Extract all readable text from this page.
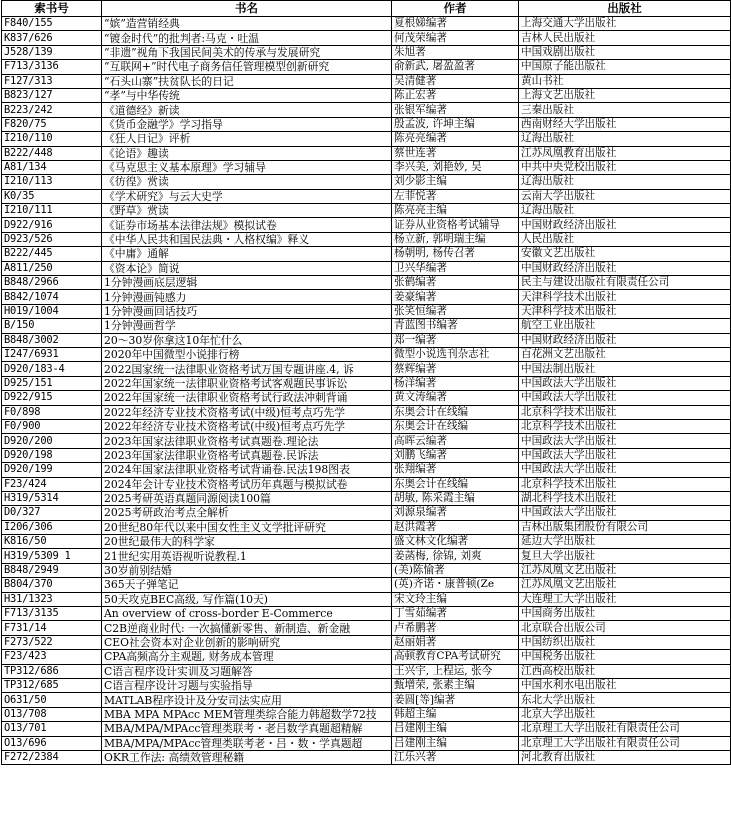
索书号	书名	作者	出版社
F840/155	“嫔”造营销经典	夏根娣编著	上海交通大学出版社
K837/626	“镀金时代”的批判者:马克・吐温	何茂荣编著	吉林人民出版社
J528/139	“非遗”视角下我国民间美术的传承与发展研究	朱旭著	中国戏剧出版社
F713/3136	“互联网+”时代电子商务信任管理模型创新研究	俞新武, 屠盈盈著	中国原子能出版社
F127/313	“石头山寨”扶贫队长的日记	吴清健著	黄山书社
B823/127	“孝”与中华传统	陈正宏著	上海文艺出版社
B223/242	《道德经》新读	张银军编著	三秦出版社
F820/75	《货币金融学》学习指导	殷孟波, 许坤主编	西南财经大学出版社
I210/110	《狂人日记》评析	陈亮亮编著	辽海出版社
B222/448	《论语》趣读	蔡世连著	江苏凤凰教育出版社
A81/134	《马克思主义基本原理》学习辅导	李兴美, 刘艳妙, 吴	中共中央党校出版社
I210/113	《彷徨》赏读	刘少影主编	辽海出版社
K0/35	《学术研究》与云大史学	左菲悦著	云南大学出版社
I210/111	《野草》赏读	陈亮亮主编	辽海出版社
D922/916	《证券市场基本法律法规》模拟试卷	证券从业资格考试辅导	中国财政经济出版社
D923/526	《中华人民共和国民法典・人格权编》释义	杨立新, 郭明瑞主编	人民出版社
B222/445	《中庸》通解	杨朝明, 杨传召著	安徽文艺出版社
A811/250	《资本论》简说	卫兴华编著	中国财政经济出版社
B848/2966	1分钟漫画底层逻辑	张鹤编著	民主与建设出版社有限责任公司
B842/1074	1分钟漫画钝感力	姜豪编著	天津科学技术出版社
H019/1004	1分钟漫画回话技巧	张笑恒编著	天津科学技术出版社
B/150	1分钟漫画哲学	青蓝图书编著	航空工业出版社
B848/3002	20～30岁你拿这10年忙什么	郑一编著	中国财政经济出版社
I247/6931	2020年中国微型小说排行榜	微型小说选刊杂志社	百花洲文艺出版社
D920/183-4	2022国家统一法律职业资格考试万国专题讲座.4, 诉	蔡辉编著	中国法制出版社
D925/151	2022年国家统一法律职业资格考试客观题民事诉讼	杨洋编著	中国政法大学出版社
D922/915	2022年国家统一法律职业资格考试行政法冲刺背诵	黄文涛编著	中国政法大学出版社
F0/898	2022年经济专业技术资格考试(中级)恒考点巧先学	东奥会计在线编	北京科学技术出版社
F0/900	2022年经济专业技术资格考试(中级)恒考点巧先学	东奥会计在线编	北京科学技术出版社
D920/200	2023年国家法律职业资格考试真题卷.理论法	高晖云编著	中国政法大学出版社
D920/198	2023年国家法律职业资格考试真题卷.民诉法	刘鹏飞编著	中国政法大学出版社
D920/199	2024年国家法律职业资格考试背诵卷.民法198图表	张翔编著	中国政法大学出版社
F23/424	2024年会计专业技术资格考试历年真题与模拟试卷	东奥会计在线编	北京科学技术出版社
H319/5314	2025考研英语真题同源阅读100篇	胡敏, 陈采霞主编	湖北科学技术出版社
D0/327	2025考研政治考点全解析	刘源泉编著	中国政法大学出版社
I206/306	20世纪80年代以来中国女性主义文学批评研究	赵洪霞著	吉林出版集团股份有限公司
K816/50	20世纪最伟大的科学家	盛文林文化编著	延边大学出版社
H319/5309 1	21世纪实用英语视听说教程.1	姜菡梅, 徐锦, 刘爽	复旦大学出版社
B848/2949	30岁前别结婚	(美)陈愉著	江苏凤凰文艺出版社
B804/370	365天子弹笔记	(英)齐诺・康普顿(Ze	江苏凤凰文艺出版社
H31/1323	50天攻克BEC高级, 写作篇(10天)	宋文玲主编	大连理工大学出版社
F713/3135	An overview of cross-border E-Commerce	丁雪茹编著	中国商务出版社
F731/14	C2B逆商业时代: 一次搞懂新零售、新制造、新金融	卢希鹏著	北京联合出版公司
F273/522	CEO社会资本对企业创新的影响研究	赵丽娟著	中国纺织出版社
F23/423	CPA高频高分主观题, 财务成本管理	高顿教育CPA考试研究	中国税务出版社
TP312/686	C语言程序设计实训及习题解答	王兴宇, 上程运, 张今	江西高校出版社
TP312/685	C语言程序设计习题与实验指导	甄增荣, 张素主编	中国水利水电出版社
O631/50	MATLAB程序设计及分安司法实应用	姜圆[等]编著	东北大学出版社
O13/708	MBA MPA MPAcc MEM管理类综合能力韩超数学72技	韩超主编	北京大学出版社
O13/701	MBA/MPA/MPAcc管理类联考・老吕数学真题超精解	吕建刚主编	北京理工大学出版社有限责任公司
O13/696	MBA/MPA/MPAcc管理类联考老・吕・数・学真题超	吕建刚主编	北京理工大学出版社有限责任公司
F272/2384	OKR工作法: 高绩效管理秘籍	江乐兴著	河北教育出版社
